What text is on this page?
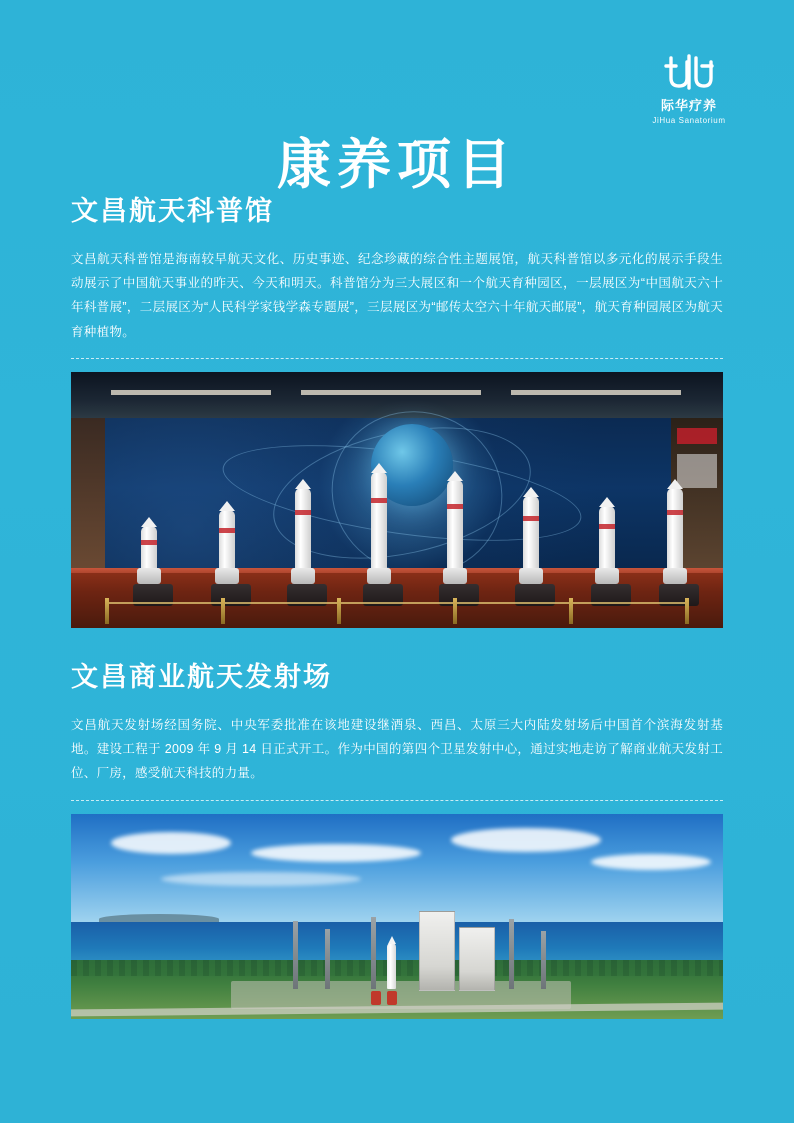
际华疗养
JiHua Sanatorium
康养项目
文昌航天科普馆

文昌航天科普馆是海南较早航天文化、历史事迹、纪念珍藏的综合性主题展馆，航天科普馆以多元化的展示手段生动展示了中国航天事业的昨天、今天和明天。科普馆分为三大展区和一个航天育种园区，一层展区为“中国航天六十年科普展”，二层展区为“人民科学家钱学森专题展”，三层展区为“邮传太空六十年航天邮展”，航天育种园展区为航天育种植物。

文昌商业航天发射场

文昌航天发射场经国务院、中央军委批准在该地建设继酒泉、西昌、太原三大内陆发射场后中国首个滨海发射基地。建设工程于 2009 年 9 月 14 日正式开工。作为中国的第四个卫星发射中心，通过实地走访了解商业航天发射工位、厂房，感受航天科技的力量。
